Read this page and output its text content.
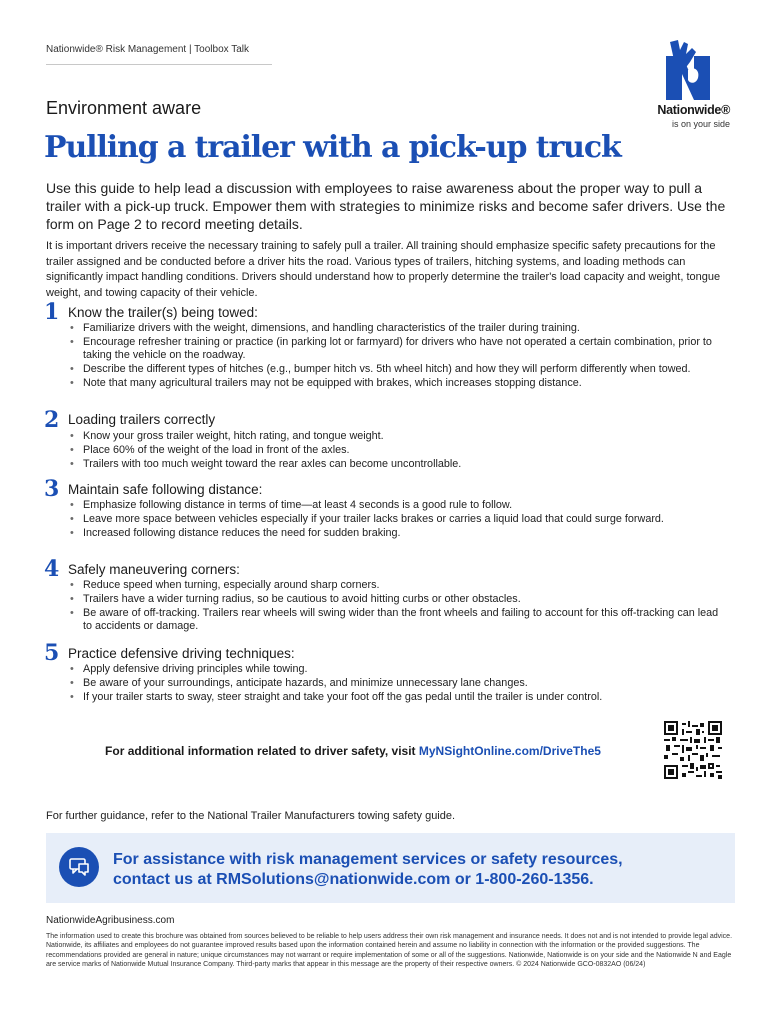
Nationwide® Risk Management | Toolbox Talk
Nationwide®
is on your side
Environment aware
Pulling a trailer with a pick-up truck
Use this guide to help lead a discussion with employees to raise awareness about the proper way to pull a trailer with a pick-up truck. Empower them with strategies to minimize risks and become safer drivers. Use the form on Page 2 to record meeting details.
It is important drivers receive the necessary training to safely pull a trailer. All training should emphasize specific safety precautions for the trailer assigned and be conducted before a driver hits the road. Various types of trailers, hitching systems, and loading methods can significantly impact handling conditions. Drivers should understand how to properly determine the trailer's load capacity and weight, tongue weight, and towing capacity of their vehicle.
1 Know the trailer(s) being towed:
• Familiarize drivers with the weight, dimensions, and handling characteristics of the trailer during training.
• Encourage refresher training or practice (in parking lot or farmyard) for drivers who have not operated a certain combination, prior to taking the vehicle on the roadway.
• Describe the different types of hitches (e.g., bumper hitch vs. 5th wheel hitch) and how they will perform differently when towed.
• Note that many agricultural trailers may not be equipped with brakes, which increases stopping distance.
2 Loading trailers correctly
• Know your gross trailer weight, hitch rating, and tongue weight.
• Place 60% of the weight of the load in front of the axles.
• Trailers with too much weight toward the rear axles can become uncontrollable.
3 Maintain safe following distance:
• Emphasize following distance in terms of time—at least 4 seconds is a good rule to follow.
• Leave more space between vehicles especially if your trailer lacks brakes or carries a liquid load that could surge forward.
• Increased following distance reduces the need for sudden braking.
4 Safely maneuvering corners:
• Reduce speed when turning, especially around sharp corners.
• Trailers have a wider turning radius, so be cautious to avoid hitting curbs or other obstacles.
• Be aware of off-tracking. Trailers rear wheels will swing wider than the front wheels and failing to account for this off-tracking can lead to accidents or damage.
5 Practice defensive driving techniques:
• Apply defensive driving principles while towing.
• Be aware of your surroundings, anticipate hazards, and minimize unnecessary lane changes.
• If your trailer starts to sway, steer straight and take your foot off the gas pedal until the trailer is under control.
For additional information related to driver safety, visit MyNSightOnline.com/DriveThe5
For further guidance, refer to the National Trailer Manufacturers towing safety guide.
For assistance with risk management services or safety resources,
contact us at RMSolutions@nationwide.com or 1-800-260-1356.
NationwideAgribusiness.com
The information used to create this brochure was obtained from sources believed to be reliable to help users address their own risk management and insurance needs. It does not and is not intended to provide legal advice. Nationwide, its affiliates and employees do not guarantee improved results based upon the information contained herein and assume no liability in connection with the information or the provided suggestions. The recommendations provided are general in nature; unique circumstances may not warrant or require implementation of some or all of the suggestions. Nationwide, Nationwide is on your side and the Nationwide N and Eagle are service marks of Nationwide Mutual Insurance Company. Third-party marks that appear in this message are the property of their respective owners. © 2024 Nationwide GCO-0832AO (06/24)
